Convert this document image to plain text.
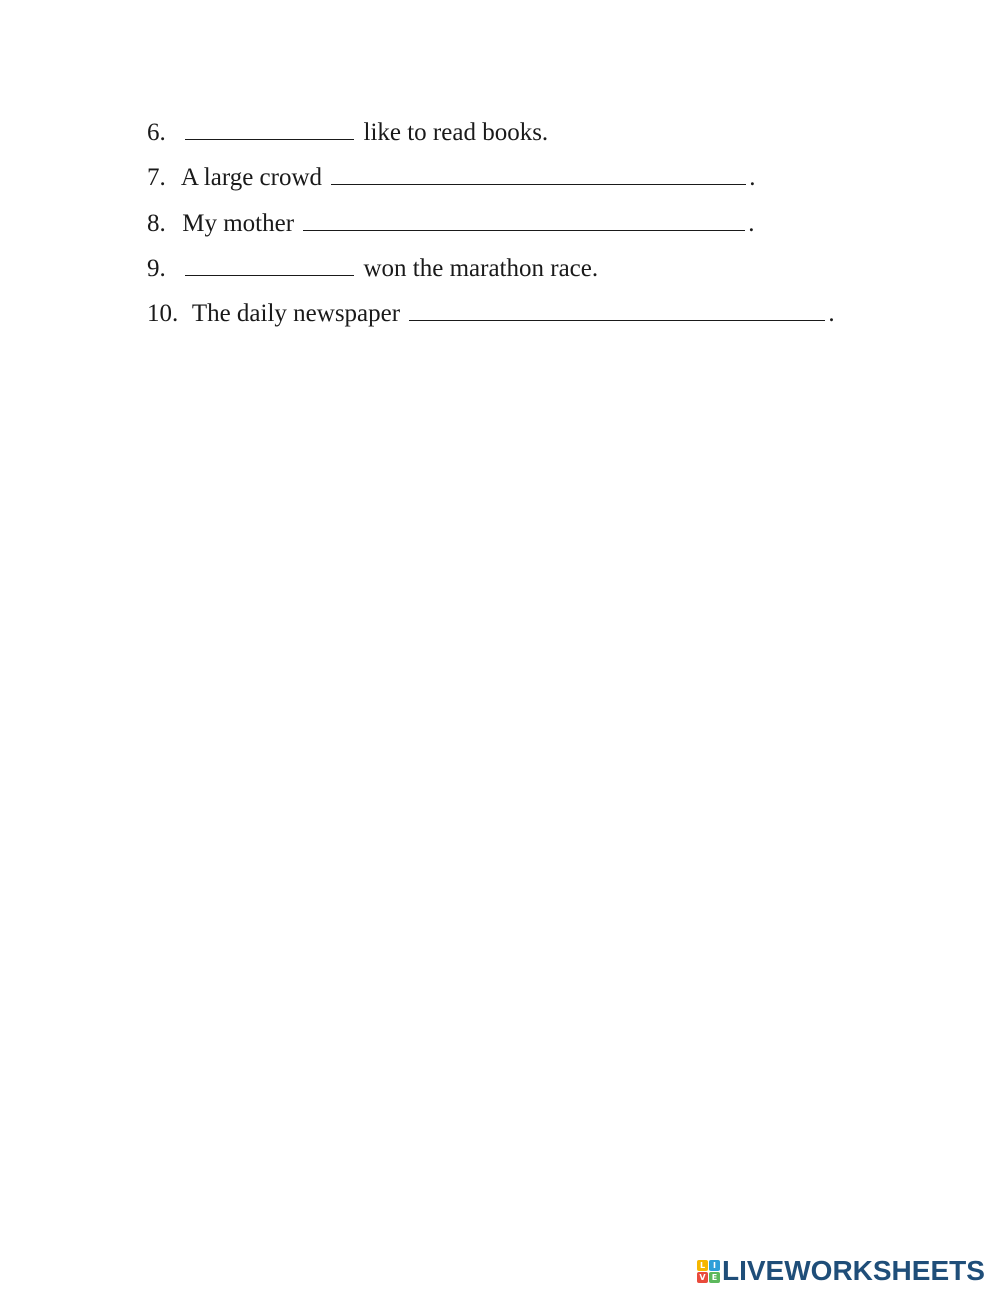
6.	like to read books.
7. A large crowd	.
8. My mother	.
9.	won the marathon race.
10. The daily newspaper	.
L I
V E LIVEWORKSHEETS
